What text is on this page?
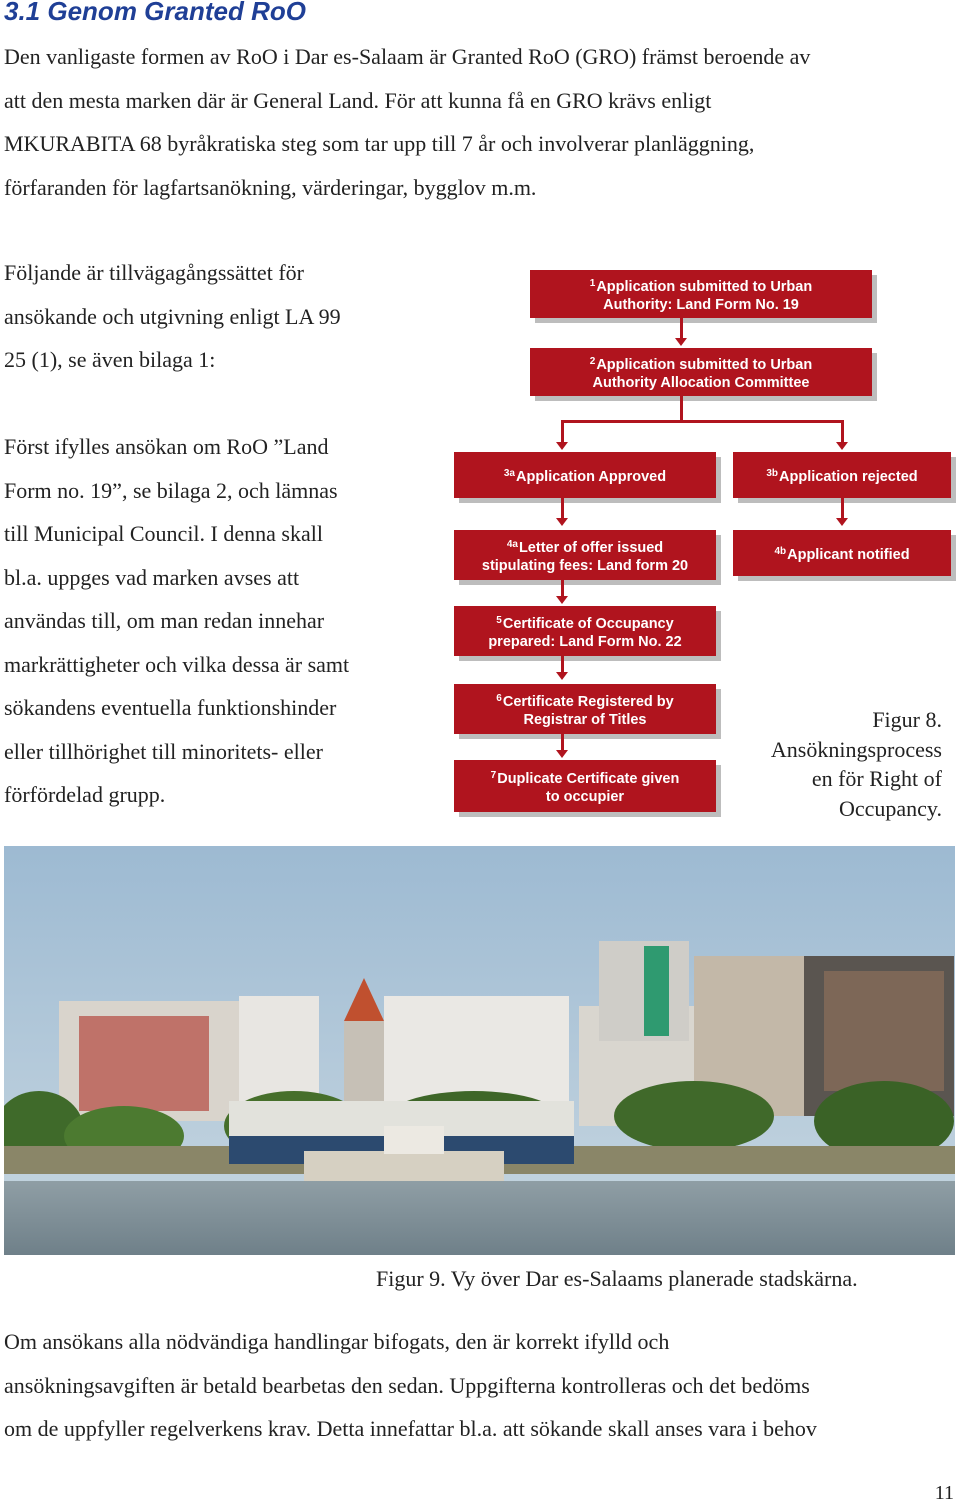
3.1 Genom Granted RoO
Den vanligaste formen av RoO i Dar es-Salaam är Granted RoO (GRO) främst beroende av
att den mesta marken där är General Land. För att kunna få en GRO krävs enligt
MKURABITA 68 byråkratiska steg som tar upp till 7 år och involverar planläggning,
förfaranden för lagfartsanökning, värderingar, bygglov m.m.
Följande är tillvägagångssättet för
ansökande och utgivning enligt LA 99
25 (1), se även bilaga 1:
Först ifylles ansökan om RoO ”Land
Form no. 19”, se bilaga 2, och lämnas
till Municipal Council. I denna skall
bl.a. uppges vad marken avses att
användas till, om man redan innehar
markrättigheter och vilka dessa är samt
sökandens eventuella funktionshinder
eller tillhörighet till minoritets- eller
förfördelad grupp.
$^1$Application submitted to Urban
Authority: Land Form No. 19
$^2$Application submitted to Urban
Authority Allocation Committee
$^{3a}$Application Approved	$^{3b}$Application rejected
$^{4a}$Letter of offer issued
stipulating fees: Land form 20
$^{4b}$Applicant notified
$^5$Certificate of Occupancy
prepared: Land Form No. 22
$^6$Certificate Registered by
Registrar of Titles
$^7$Duplicate Certificate given
to occupier
Figur 8.
Ansökningsprocess
en för Right of
Occupancy.
Figur 9. Vy över Dar es-Salaams planerade stadskärna.
Om ansökans alla nödvändiga handlingar bifogats, den är korrekt ifylld och
ansökningsavgiften är betald bearbetas den sedan. Uppgifterna kontrolleras och det bedöms
om de uppfyller regelverkens krav. Detta innefattar bl.a. att sökande skall anses vara i behov
11
